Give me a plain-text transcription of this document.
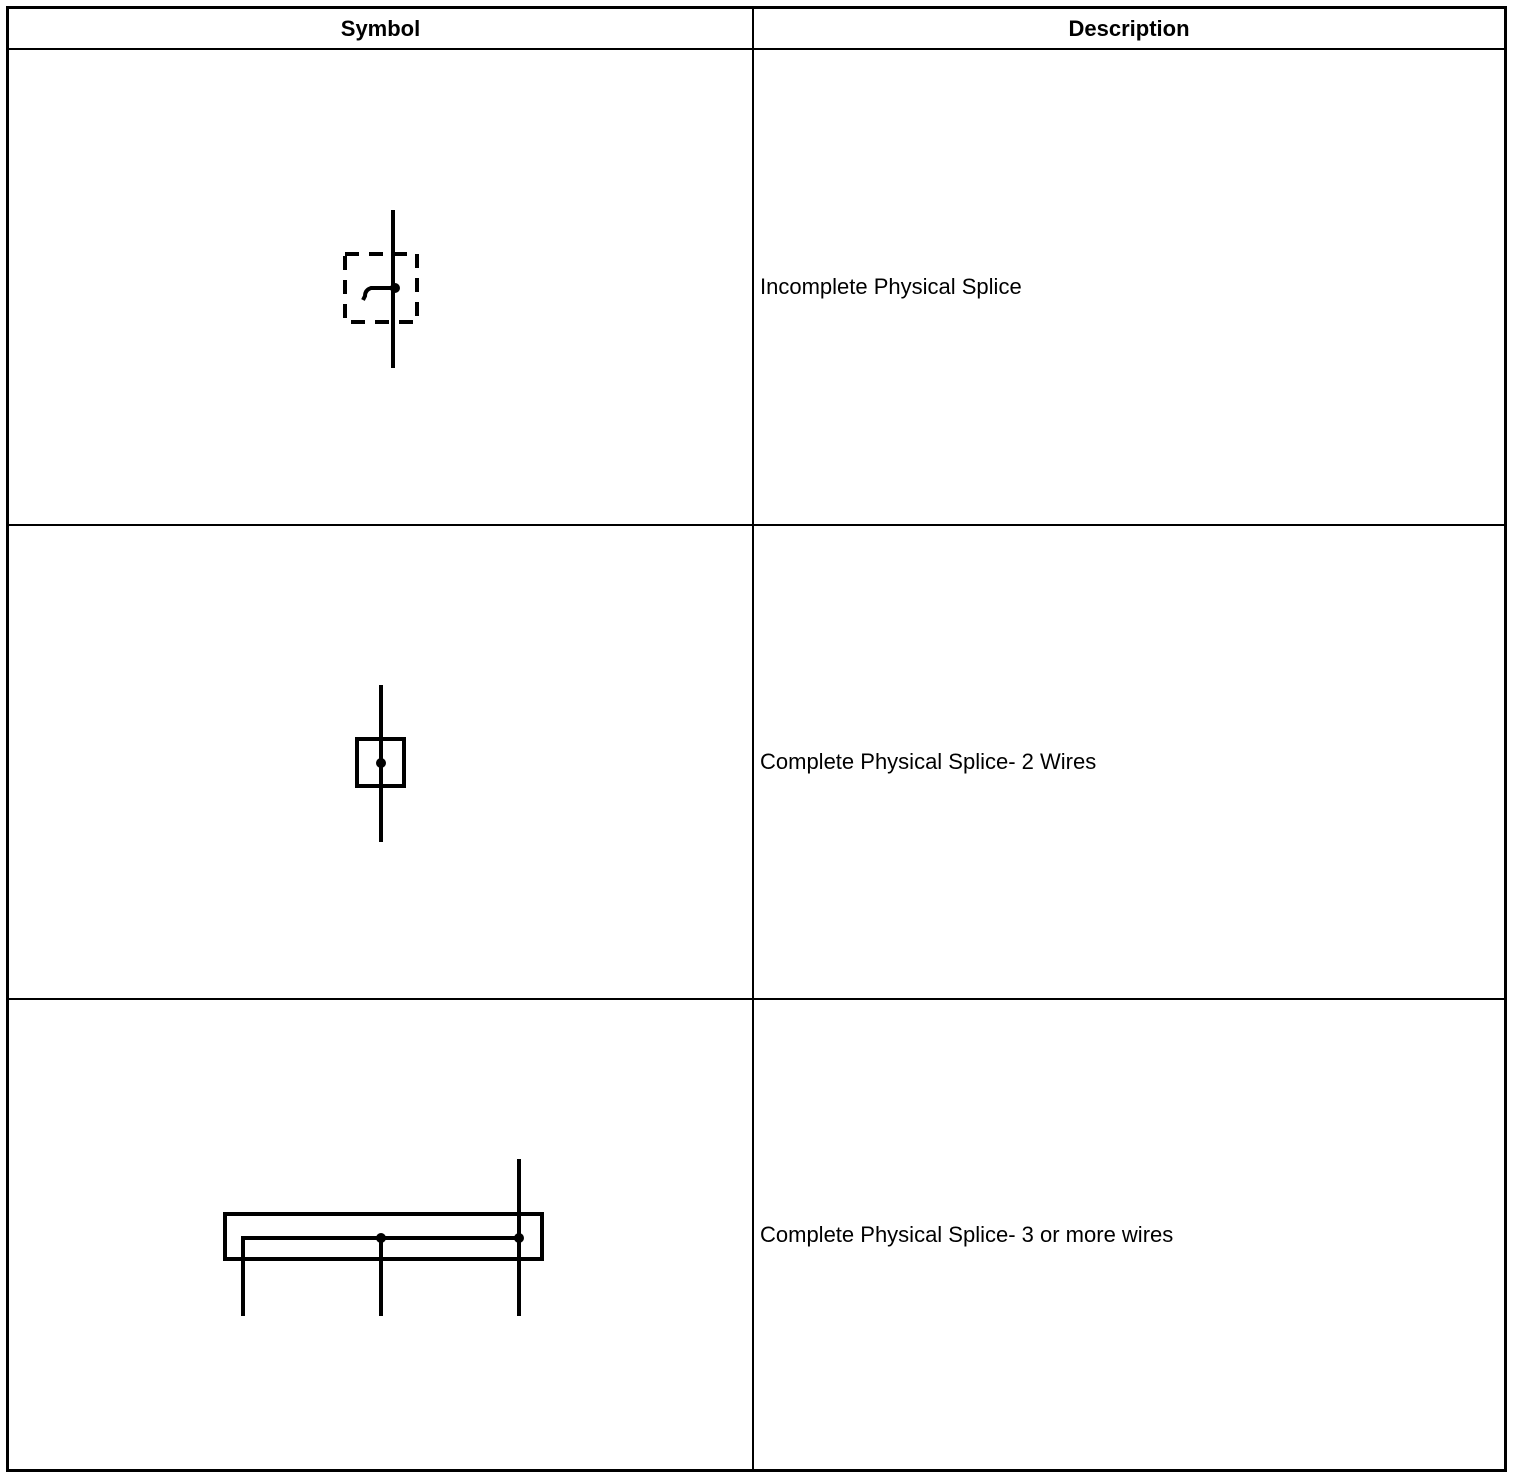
Symbol	Description
Incomplete Physical Splice
Complete Physical Splice- 2 Wires
Complete Physical Splice- 3 or more wires
